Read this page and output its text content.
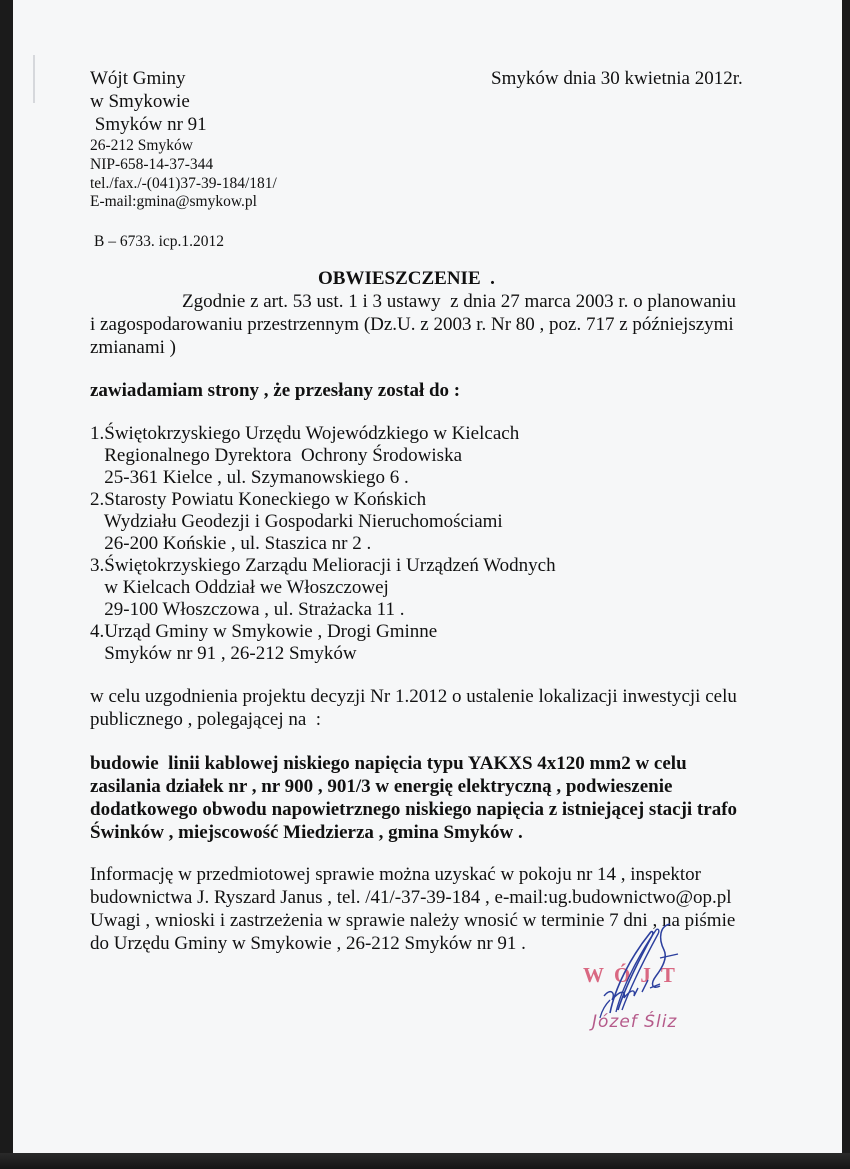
Wójt Gminy
w Smykowie
Smyków nr 91
26-212 Smyków
NIP-658-14-37-344
tel./fax./-(041)37-39-184/181/
E-mail:gmina@smykow.pl
Smyków dnia 30 kwietnia 2012r.
B – 6733. icp.1.2012
OBWIESZCZENIE  .
Zgodnie z art. 53 ust. 1 i 3 ustawy  z dnia 27 marca 2003 r. o planowaniu
i zagospodarowaniu przestrzennym (Dz.U. z 2003 r. Nr 80 , poz. 717 z późniejszymi
zmianami )
zawiadamiam strony , że przesłany został do :
1.Świętokrzyskiego Urzędu Wojewódzkiego w Kielcach
Regionalnego Dyrektora  Ochrony Środowiska
25-361 Kielce , ul. Szymanowskiego 6 .
2.Starosty Powiatu Koneckiego w Końskich
Wydziału Geodezji i Gospodarki Nieruchomościami
26-200 Końskie , ul. Staszica nr 2 .
3.Świętokrzyskiego Zarządu Melioracji i Urządzeń Wodnych
w Kielcach Oddział we Włoszczowej
29-100 Włoszczowa , ul. Strażacka 11 .
4.Urząd Gminy w Smykowie , Drogi Gminne
Smyków nr 91 , 26-212 Smyków
w celu uzgodnienia projektu decyzji Nr 1.2012 o ustalenie lokalizacji inwestycji celu
publicznego , polegającej na  :
budowie  linii kablowej niskiego napięcia typu YAKXS 4x120 mm2 w celu
zasilania działek nr , nr 900 , 901/3 w energię elektryczną , podwieszenie
dodatkowego obwodu napowietrznego niskiego napięcia z istniejącej stacji trafo
Świnków , miejscowość Miedzierza , gmina Smyków .
Informację w przedmiotowej sprawie można uzyskać w pokoju nr 14 , inspektor
budownictwa J. Ryszard Janus , tel. /41/-37-39-184 , e-mail:ug.budownictwo@op.pl
Uwagi , wnioski i zastrzeżenia w sprawie należy wnosić w terminie 7 dni , na piśmie
do Urzędu Gminy w Smykowie , 26-212 Smyków nr 91 .
WÓJT
Józef Śliz
